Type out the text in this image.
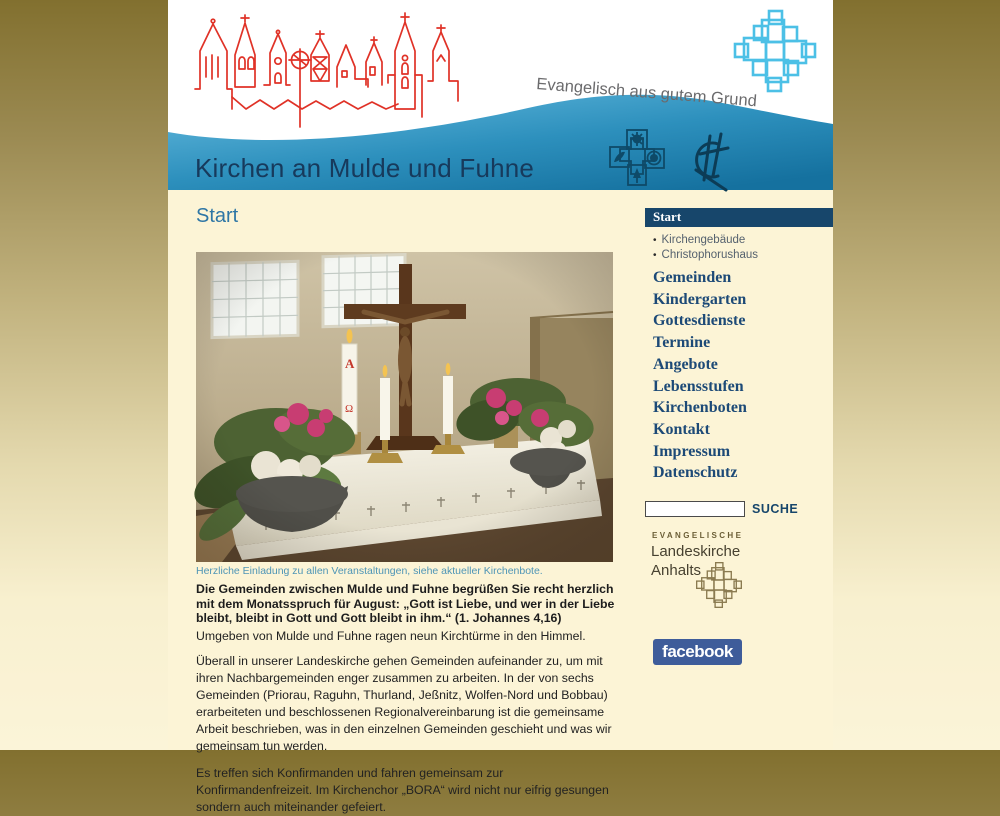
Evangelisch aus gutem Grund
Kirchen an Mulde und Fuhne
Start
Herzliche Einladung zu allen Veranstaltungen, siehe aktueller Kirchenbote.
Die Gemeinden zwischen Mulde und Fuhne begrüßen Sie recht herzlich mit dem Monatsspruch für August: „Gott ist Liebe, und wer in der Liebe bleibt, bleibt in Gott und Gott bleibt in ihm.“ (1. Johannes 4,16)
Umgeben von Mulde und Fuhne ragen neun Kirchtürme in den Himmel.

Überall in unserer Landeskirche gehen Gemeinden aufeinander zu, um mit ihren Nachbargemeinden enger zusammen zu arbeiten. In der von sechs Gemeinden (Priorau, Raguhn, Thurland, Jeßnitz, Wolfen-Nord und Bobbau) erarbeiteten und beschlossenen Regionalvereinbarung ist die gemeinsame Arbeit beschrieben, was in den einzelnen Gemeinden geschieht und was wir gemeinsam tun werden.

Es treffen sich Konfirmanden und fahren gemeinsam zur Konfirmandenfreizeit. Im Kirchenchor „BORA“ wird nicht nur eifrig gesungen sondern auch miteinander gefeiert.

Start
• Kirchengebäude
• Christophorushaus
Gemeinden
Kindergarten
Gottesdienste
Termine
Angebote
Lebensstufen
Kirchenboten
Kontakt
Impressum
Datenschutz
SUCHE
EVANGELISCHE
Landeskirche
Anhalts
facebook
